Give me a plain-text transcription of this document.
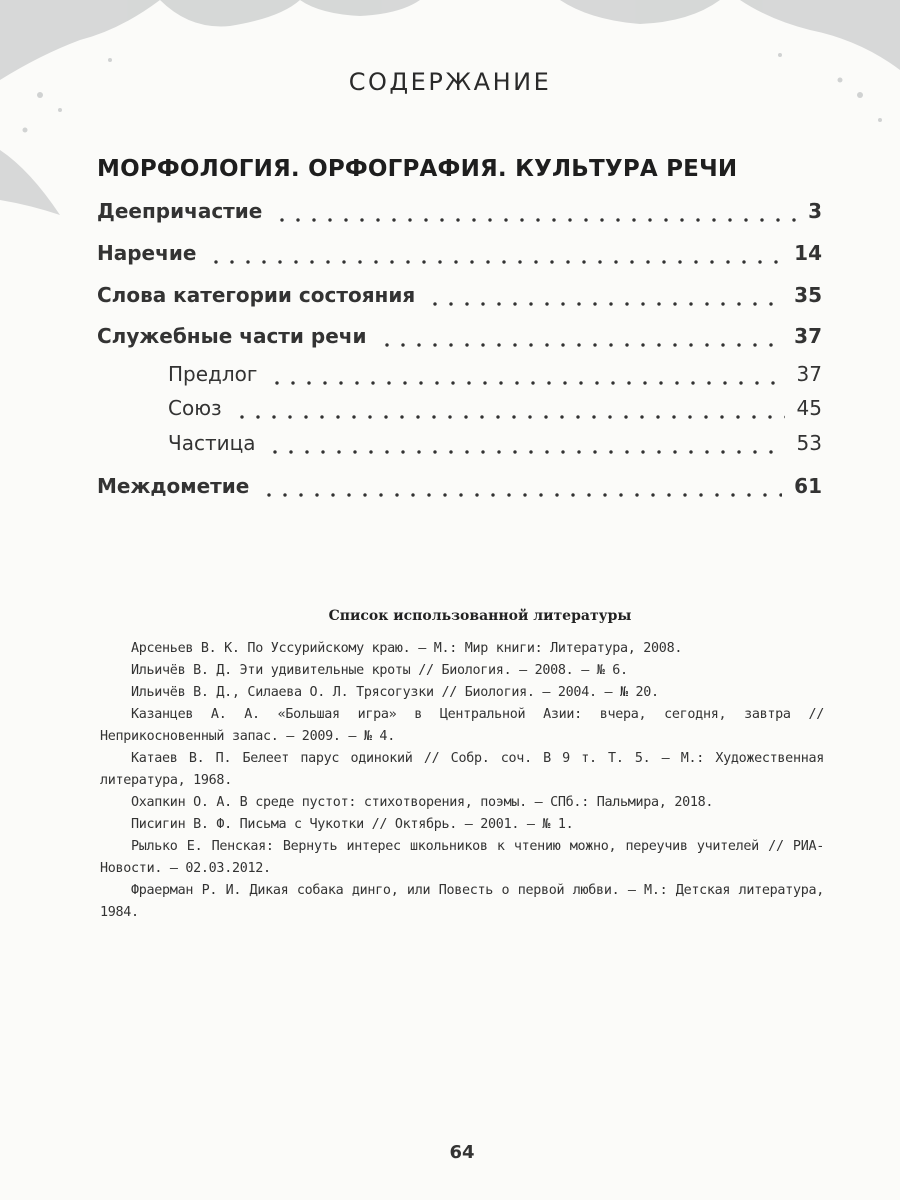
СОДЕРЖАНИЕ
МОРФОЛОГИЯ. ОРФОГРАФИЯ. КУЛЬТУРА РЕЧИ
Деепричастие	3
Наречие	14
Слова категории состояния	35
Служебные части речи	37
Предлог	37
Союз	45
Частица	53
Междометие	61
Список использованной литературы
Арсеньев В. К. По Уссурийскому краю. — М.: Мир книги: Литература, 2008.
Ильичёв В. Д. Эти удивительные кроты // Биология. — 2008. — № 6.
Ильичёв В. Д., Силаева О. Л. Трясогузки // Биология. — 2004. — № 20.
Казанцев А. А. «Большая игра» в Центральной Азии: вчера, сегодня, завтра // Неприкосновенный запас. — 2009. — № 4.
Катаев В. П. Белеет парус одинокий // Собр. соч. В 9 т. Т. 5. — М.: Художественная литература, 1968.
Охапкин О. А. В среде пустот: стихотворения, поэмы. — СПб.: Пальмира, 2018.
Писигин В. Ф. Письма с Чукотки // Октябрь. — 2001. — № 1.
Рылько Е. Пенская: Вернуть интерес школьников к чтению можно, переучив учителей // РИА-Новости. — 02.03.2012.
Фраерман Р. И. Дикая собака динго, или Повесть о первой любви. — М.: Детская литература, 1984.
64
